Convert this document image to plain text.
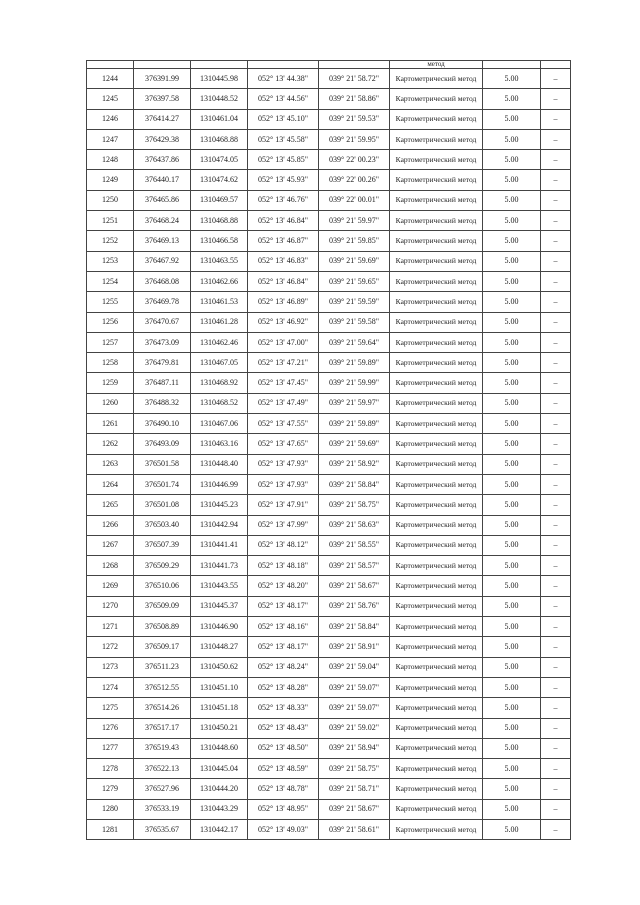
					метод		
1244	376391.99	1310445.98	052° 13' 44.38"	039° 21' 58.72"	Картометрический метод	5.00	–
1245	376397.58	1310448.52	052° 13' 44.56"	039° 21' 58.86"	Картометрический метод	5.00	–
1246	376414.27	1310461.04	052° 13' 45.10"	039° 21' 59.53"	Картометрический метод	5.00	–
1247	376429.38	1310468.88	052° 13' 45.58"	039° 21' 59.95"	Картометрический метод	5.00	–
1248	376437.86	1310474.05	052° 13' 45.85"	039° 22' 00.23"	Картометрический метод	5.00	–
1249	376440.17	1310474.62	052° 13' 45.93"	039° 22' 00.26"	Картометрический метод	5.00	–
1250	376465.86	1310469.57	052° 13' 46.76"	039° 22' 00.01"	Картометрический метод	5.00	–
1251	376468.24	1310468.88	052° 13' 46.84"	039° 21' 59.97"	Картометрический метод	5.00	–
1252	376469.13	1310466.58	052° 13' 46.87"	039° 21' 59.85"	Картометрический метод	5.00	–
1253	376467.92	1310463.55	052° 13' 46.83"	039° 21' 59.69"	Картометрический метод	5.00	–
1254	376468.08	1310462.66	052° 13' 46.84"	039° 21' 59.65"	Картометрический метод	5.00	–
1255	376469.78	1310461.53	052° 13' 46.89"	039° 21' 59.59"	Картометрический метод	5.00	–
1256	376470.67	1310461.28	052° 13' 46.92"	039° 21' 59.58"	Картометрический метод	5.00	–
1257	376473.09	1310462.46	052° 13' 47.00"	039° 21' 59.64"	Картометрический метод	5.00	–
1258	376479.81	1310467.05	052° 13' 47.21"	039° 21' 59.89"	Картометрический метод	5.00	–
1259	376487.11	1310468.92	052° 13' 47.45"	039° 21' 59.99"	Картометрический метод	5.00	–
1260	376488.32	1310468.52	052° 13' 47.49"	039° 21' 59.97"	Картометрический метод	5.00	–
1261	376490.10	1310467.06	052° 13' 47.55"	039° 21' 59.89"	Картометрический метод	5.00	–
1262	376493.09	1310463.16	052° 13' 47.65"	039° 21' 59.69"	Картометрический метод	5.00	–
1263	376501.58	1310448.40	052° 13' 47.93"	039° 21' 58.92"	Картометрический метод	5.00	–
1264	376501.74	1310446.99	052° 13' 47.93"	039° 21' 58.84"	Картометрический метод	5.00	–
1265	376501.08	1310445.23	052° 13' 47.91"	039° 21' 58.75"	Картометрический метод	5.00	–
1266	376503.40	1310442.94	052° 13' 47.99"	039° 21' 58.63"	Картометрический метод	5.00	–
1267	376507.39	1310441.41	052° 13' 48.12"	039° 21' 58.55"	Картометрический метод	5.00	–
1268	376509.29	1310441.73	052° 13' 48.18"	039° 21' 58.57"	Картометрический метод	5.00	–
1269	376510.06	1310443.55	052° 13' 48.20"	039° 21' 58.67"	Картометрический метод	5.00	–
1270	376509.09	1310445.37	052° 13' 48.17"	039° 21' 58.76"	Картометрический метод	5.00	–
1271	376508.89	1310446.90	052° 13' 48.16"	039° 21' 58.84"	Картометрический метод	5.00	–
1272	376509.17	1310448.27	052° 13' 48.17"	039° 21' 58.91"	Картометрический метод	5.00	–
1273	376511.23	1310450.62	052° 13' 48.24"	039° 21' 59.04"	Картометрический метод	5.00	–
1274	376512.55	1310451.10	052° 13' 48.28"	039° 21' 59.07"	Картометрический метод	5.00	–
1275	376514.26	1310451.18	052° 13' 48.33"	039° 21' 59.07"	Картометрический метод	5.00	–
1276	376517.17	1310450.21	052° 13' 48.43"	039° 21' 59.02"	Картометрический метод	5.00	–
1277	376519.43	1310448.60	052° 13' 48.50"	039° 21' 58.94"	Картометрический метод	5.00	–
1278	376522.13	1310445.04	052° 13' 48.59"	039° 21' 58.75"	Картометрический метод	5.00	–
1279	376527.96	1310444.20	052° 13' 48.78"	039° 21' 58.71"	Картометрический метод	5.00	–
1280	376533.19	1310443.29	052° 13' 48.95"	039° 21' 58.67"	Картометрический метод	5.00	–
1281	376535.67	1310442.17	052° 13' 49.03"	039° 21' 58.61"	Картометрический метод	5.00	–
